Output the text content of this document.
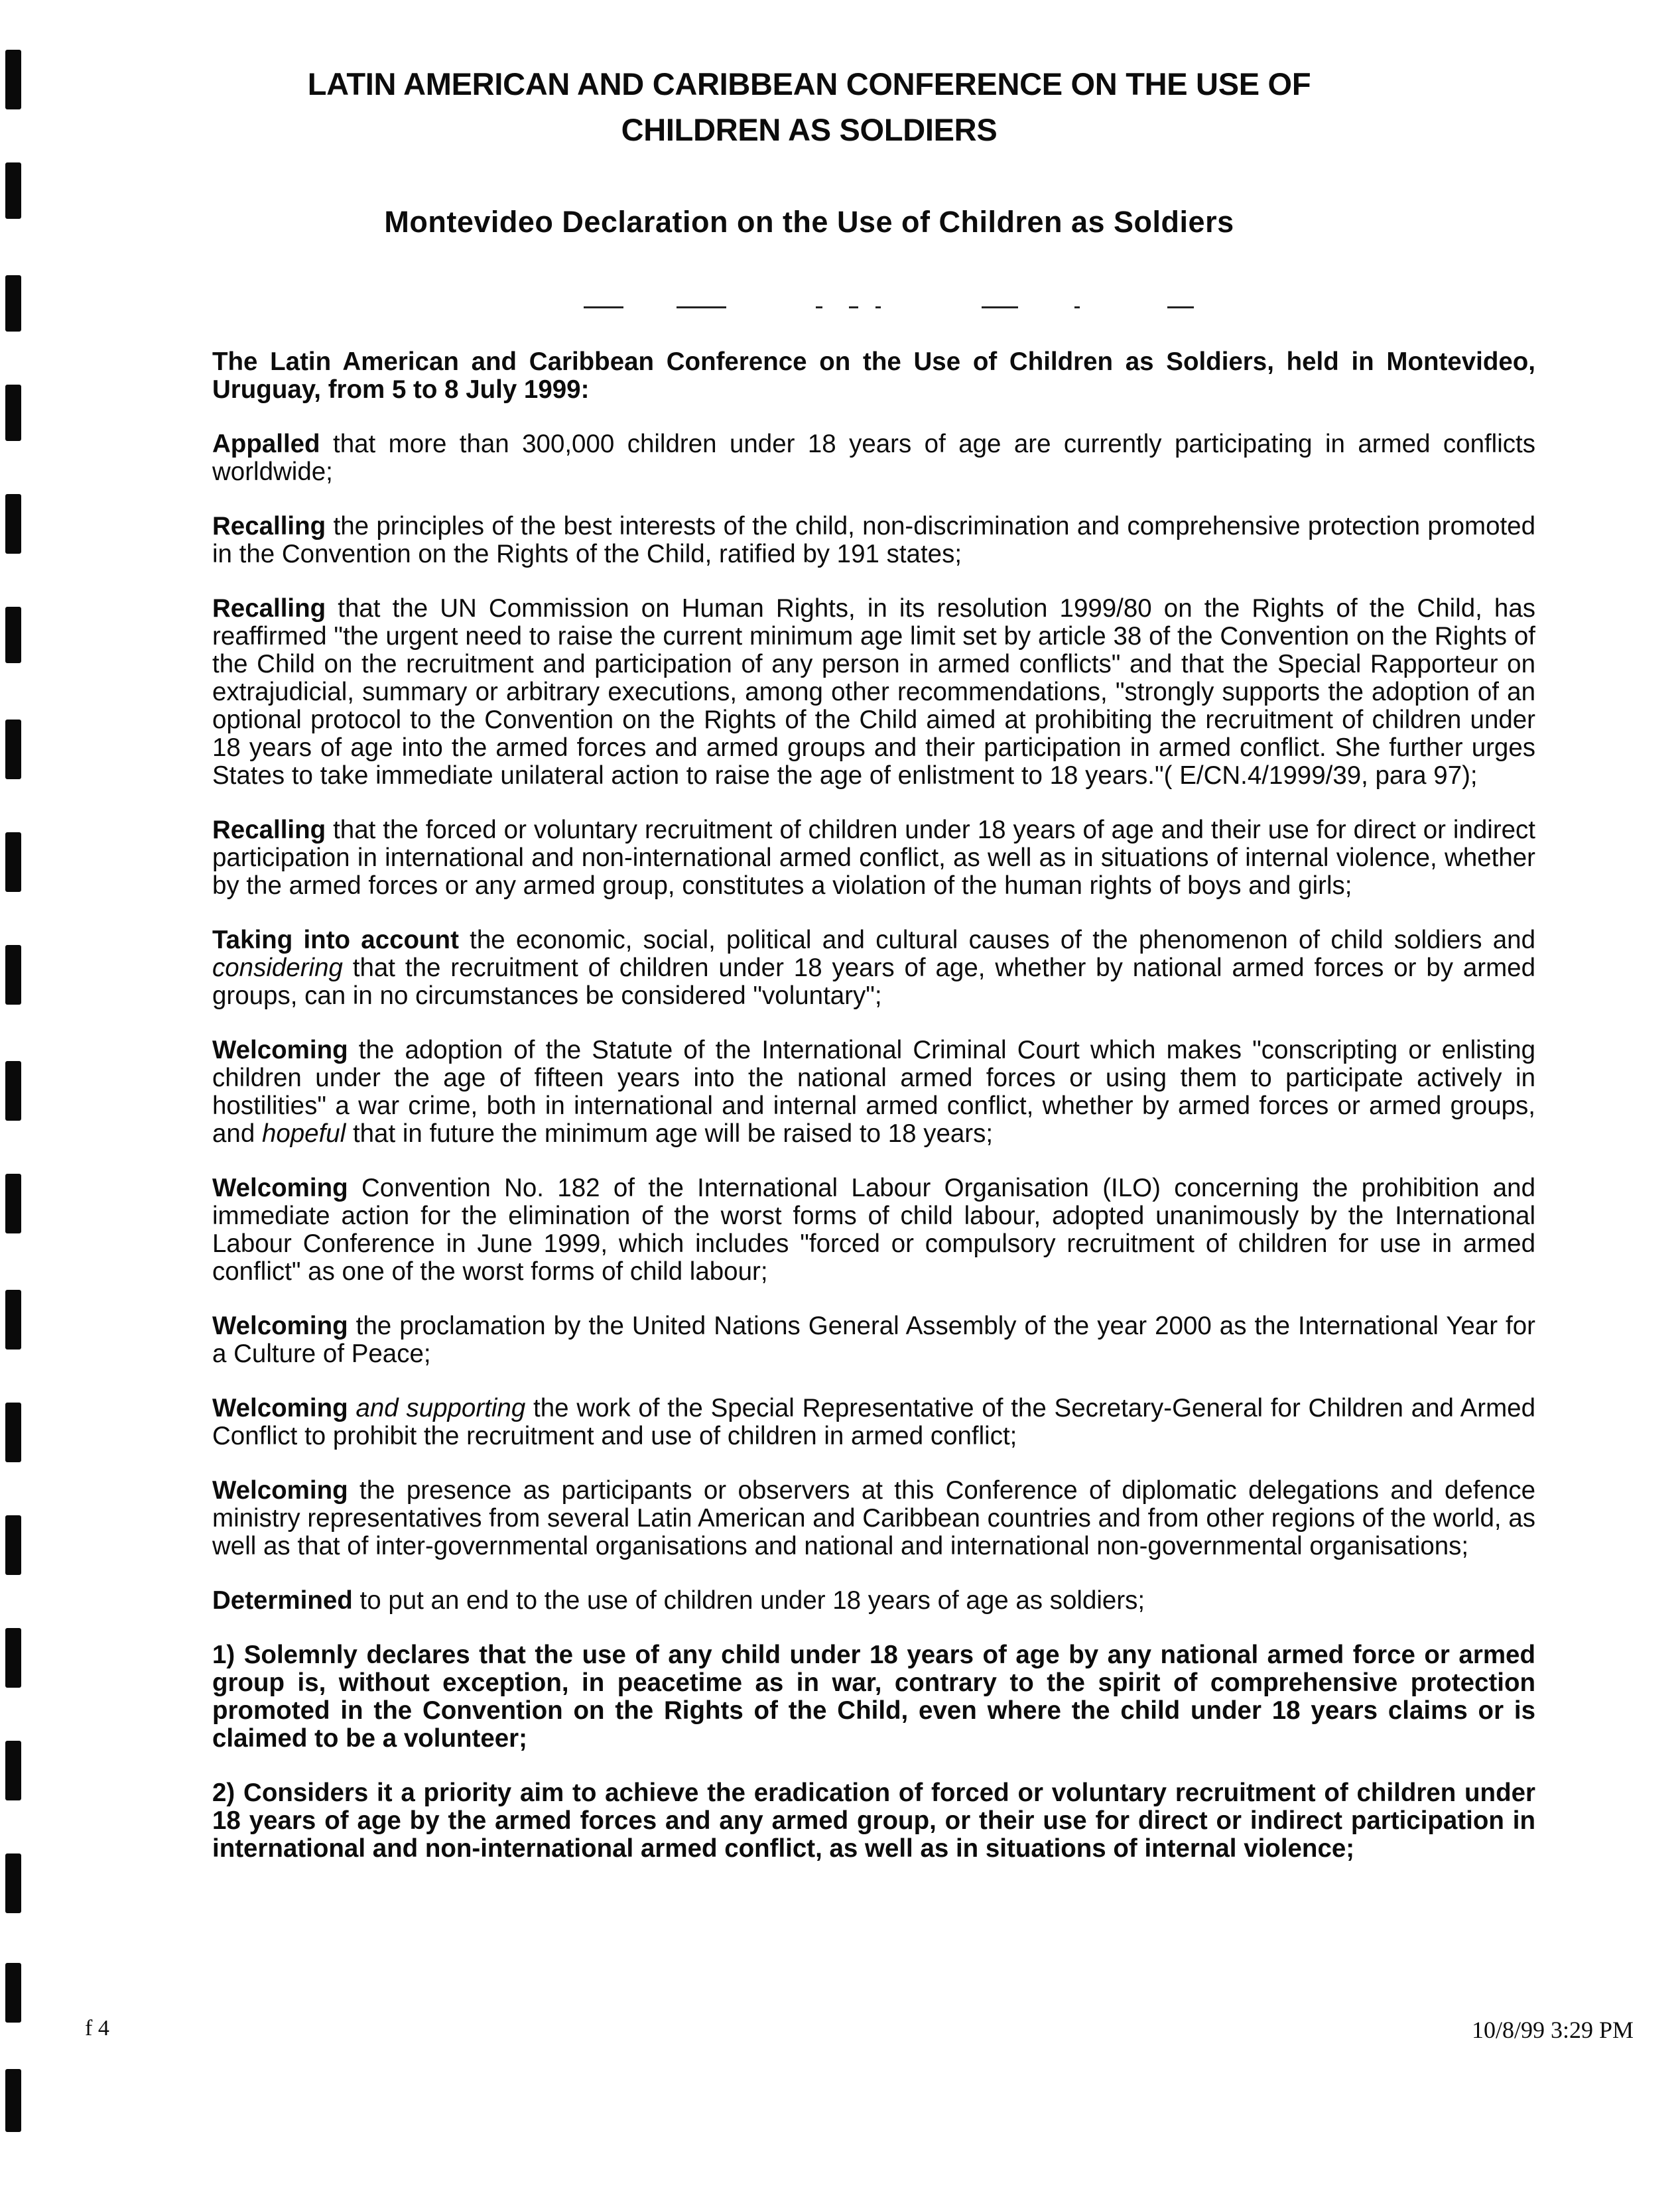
LATIN AMERICAN AND CARIBBEAN CONFERENCE ON THE USE OF
CHILDREN AS SOLDIERS
Montevideo Declaration on the Use of Children as Soldiers

The Latin American and Caribbean Conference on the Use of Children as Soldiers, held in Montevideo, Uruguay, from 5 to 8 July 1999:

Appalled that more than 300,000 children under 18 years of age are currently participating in armed conflicts worldwide;

Recalling the principles of the best interests of the child, non-discrimination and comprehensive protection promoted in the Convention on the Rights of the Child, ratified by 191 states;

Recalling that the UN Commission on Human Rights, in its resolution 1999/80 on the Rights of the Child, has reaffirmed "the urgent need to raise the current minimum age limit set by article 38 of the Convention on the Rights of the Child on the recruitment and participation of any person in armed conflicts" and that the Special Rapporteur on extrajudicial, summary or arbitrary executions, among other recommendations, "strongly supports the adoption of an optional protocol to the Convention on the Rights of the Child aimed at prohibiting the recruitment of children under 18 years of age into the armed forces and armed groups and their participation in armed conflict. She further urges States to take immediate unilateral action to raise the age of enlistment to 18 years."( E/CN.4/1999/39, para 97);

Recalling that the forced or voluntary recruitment of children under 18 years of age and their use for direct or indirect participation in international and non-international armed conflict, as well as in situations of internal violence, whether by the armed forces or any armed group, constitutes a violation of the human rights of boys and girls;

Taking into account the economic, social, political and cultural causes of the phenomenon of child soldiers and considering that the recruitment of children under 18 years of age, whether by national armed forces or by armed groups, can in no circumstances be considered "voluntary";

Welcoming the adoption of the Statute of the International Criminal Court which makes "conscripting or enlisting children under the age of fifteen years into the national armed forces or using them to participate actively in hostilities" a war crime, both in international and internal armed conflict, whether by armed forces or armed groups, and hopeful that in future the minimum age will be raised to 18 years;

Welcoming Convention No. 182 of the International Labour Organisation (ILO) concerning the prohibition and immediate action for the elimination of the worst forms of child labour, adopted unanimously by the International Labour Conference in June 1999, which includes "forced or compulsory recruitment of children for use in armed conflict" as one of the worst forms of child labour;

Welcoming the proclamation by the United Nations General Assembly of the year 2000 as the International Year for a Culture of Peace;

Welcoming and supporting the work of the Special Representative of the Secretary-General for Children and Armed Conflict to prohibit the recruitment and use of children in armed conflict;

Welcoming the presence as participants or observers at this Conference of diplomatic delegations and defence ministry representatives from several Latin American and Caribbean countries and from other regions of the world, as well as that of inter-governmental organisations and national and international non-governmental organisations;

Determined to put an end to the use of children under 18 years of age as soldiers;

1) Solemnly declares that the use of any child under 18 years of age by any national armed force or armed group is, without exception, in peacetime as in war, contrary to the spirit of comprehensive protection promoted in the Convention on the Rights of the Child, even where the child under 18 years claims or is claimed to be a volunteer;

2) Considers it a priority aim to achieve the eradication of forced or voluntary recruitment of children under 18 years of age by the armed forces and any armed group, or their use for direct or indirect participation in international and non-international armed conflict, as well as in situations of internal violence;

f 4	10/8/99 3:29 PM
